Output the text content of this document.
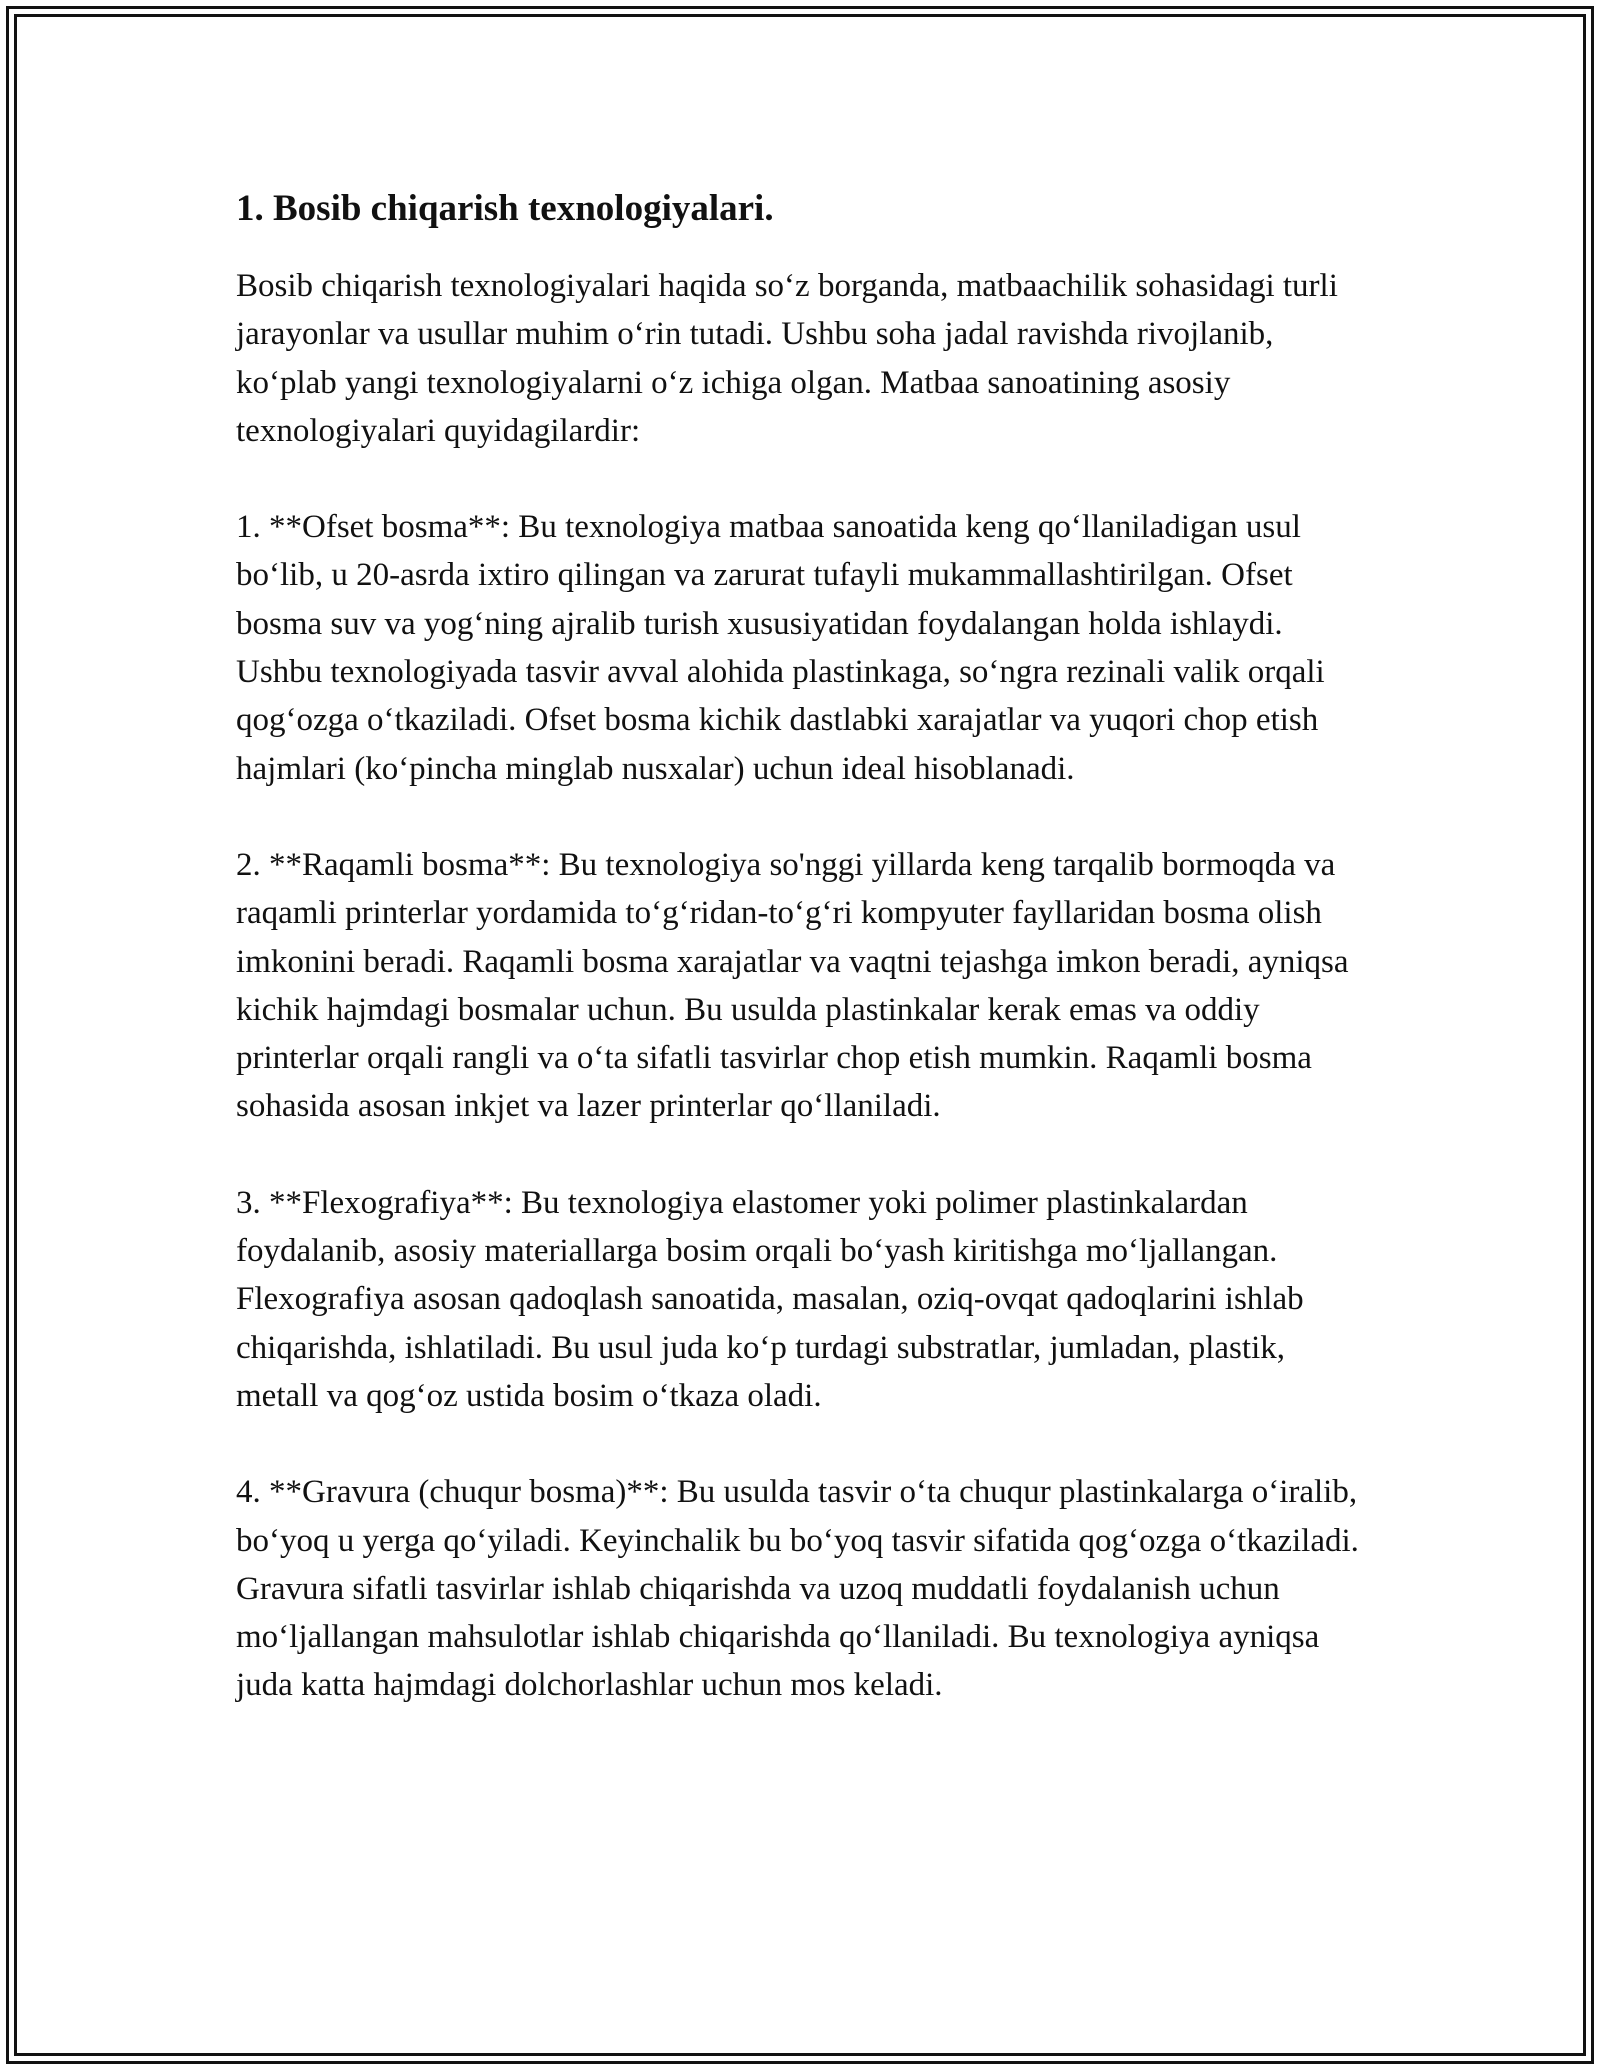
1. Bosib chiqarish texnologiyalari.

Bosib chiqarish texnologiyalari haqida so‘z borganda, matbaachilik sohasidagi turli jarayonlar va usullar muhim o‘rin tutadi. Ushbu soha jadal ravishda rivojlanib, ko‘plab yangi texnologiyalarni o‘z ichiga olgan. Matbaa sanoatining asosiy texnologiyalari quyidagilardir:

1. **Ofset bosma**: Bu texnologiya matbaa sanoatida keng qo‘llaniladigan usul bo‘lib, u 20-asrda ixtiro qilingan va zarurat tufayli mukammallashtirilgan. Ofset bosma suv va yog‘ning ajralib turish xususiyatidan foydalangan holda ishlaydi. Ushbu texnologiyada tasvir avval alohida plastinkaga, so‘ngra rezinali valik orqali qog‘ozga o‘tkaziladi. Ofset bosma kichik dastlabki xarajatlar va yuqori chop etish hajmlari (ko‘pincha minglab nusxalar) uchun ideal hisoblanadi.

2. **Raqamli bosma**: Bu texnologiya so'nggi yillarda keng tarqalib bormoqda va raqamli printerlar yordamida to‘g‘ridan-to‘g‘ri kompyuter fayllaridan bosma olish imkonini beradi. Raqamli bosma xarajatlar va vaqtni tejashga imkon beradi, ayniqsa kichik hajmdagi bosmalar uchun. Bu usulda plastinkalar kerak emas va oddiy printerlar orqali rangli va o‘ta sifatli tasvirlar chop etish mumkin. Raqamli bosma sohasida asosan inkjet va lazer printerlar qo‘llaniladi.

3. **Flexografiya**: Bu texnologiya elastomer yoki polimer plastinkalardan foydalanib, asosiy materiallarga bosim orqali bo‘yash kiritishga mo‘ljallangan. Flexografiya asosan qadoqlash sanoatida, masalan, oziq-ovqat qadoqlarini ishlab chiqarishda, ishlatiladi. Bu usul juda ko‘p turdagi substratlar, jumladan, plastik, metall va qog‘oz ustida bosim o‘tkaza oladi.

4. **Gravura (chuqur bosma)**: Bu usulda tasvir o‘ta chuqur plastinkalarga o‘iralib, bo‘yoq u yerga qo‘yiladi. Keyinchalik bu bo‘yoq tasvir sifatida qog‘ozga o‘tkaziladi. Gravura sifatli tasvirlar ishlab chiqarishda va uzoq muddatli foydalanish uchun mo‘ljallangan mahsulotlar ishlab chiqarishda qo‘llaniladi. Bu texnologiya ayniqsa juda katta hajmdagi dolchorlashlar uchun mos keladi.
